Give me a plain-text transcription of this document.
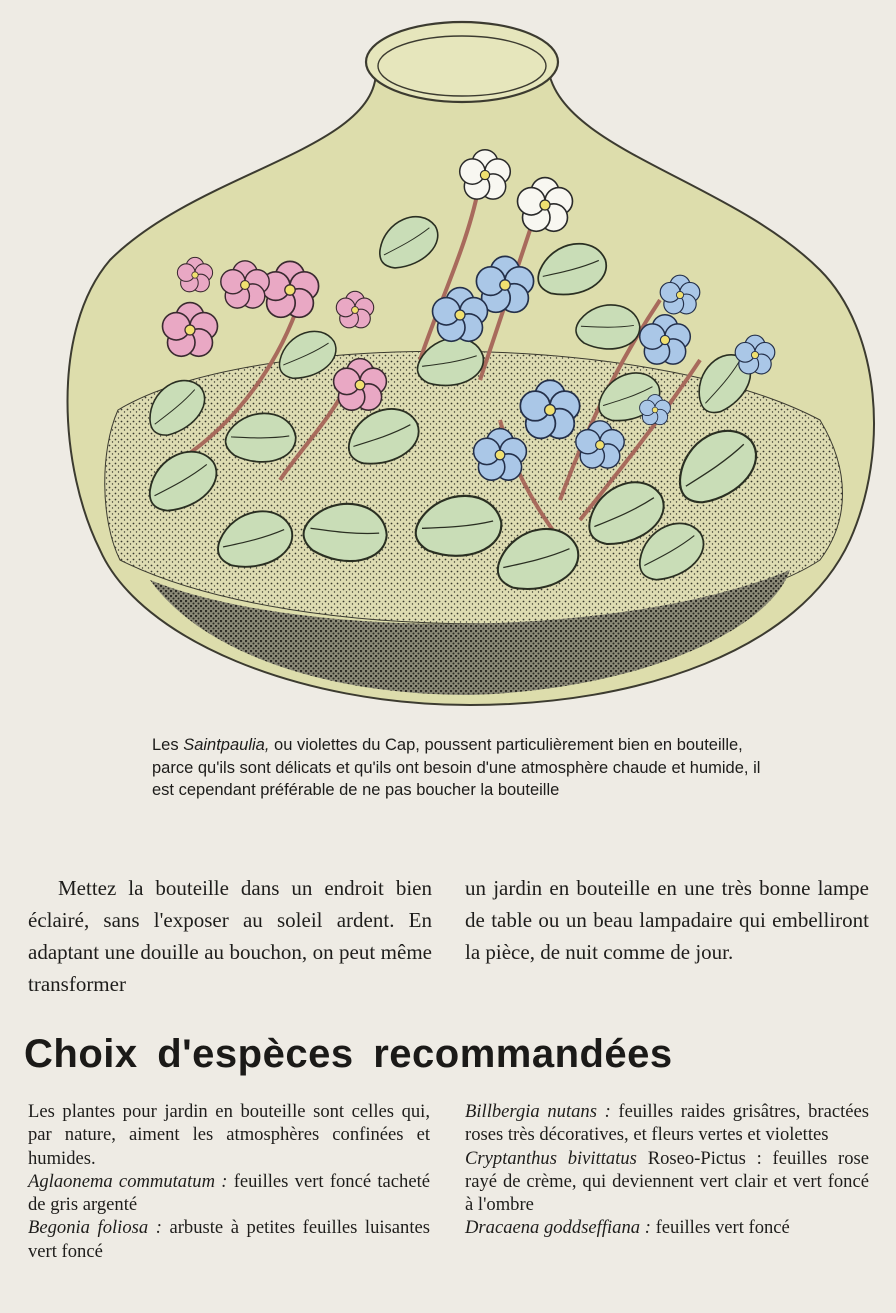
Les Saintpaulia, ou violettes du Cap, poussent particulièrement bien en bouteille, parce qu'ils sont délicats et qu'ils ont besoin d'une atmosphère chaude et humide, il est cependant préférable de ne pas boucher la bouteille

Mettez la bouteille dans un endroit bien éclairé, sans l'exposer au soleil ardent. En adaptant une douille au bouchon, on peut même transformer

un jardin en bouteille en une très bonne lampe de table ou un beau lampadaire qui embelliront la pièce, de nuit comme de jour.

Choix d'espèces recommandées

Les plantes pour jardin en bouteille sont celles qui, par nature, aiment les atmosphères confinées et humides.

Aglaonema commutatum : feuilles vert foncé tacheté de gris argenté

Begonia foliosa : arbuste à petites feuilles luisantes vert foncé

Billbergia nutans : feuilles raides grisâtres, bractées roses très décoratives, et fleurs vertes et violettes

Cryptanthus bivittatus Roseo-Pictus : feuilles rose rayé de crème, qui deviennent vert clair et vert foncé à l'ombre

Dracaena goddseffiana : feuilles vert foncé
